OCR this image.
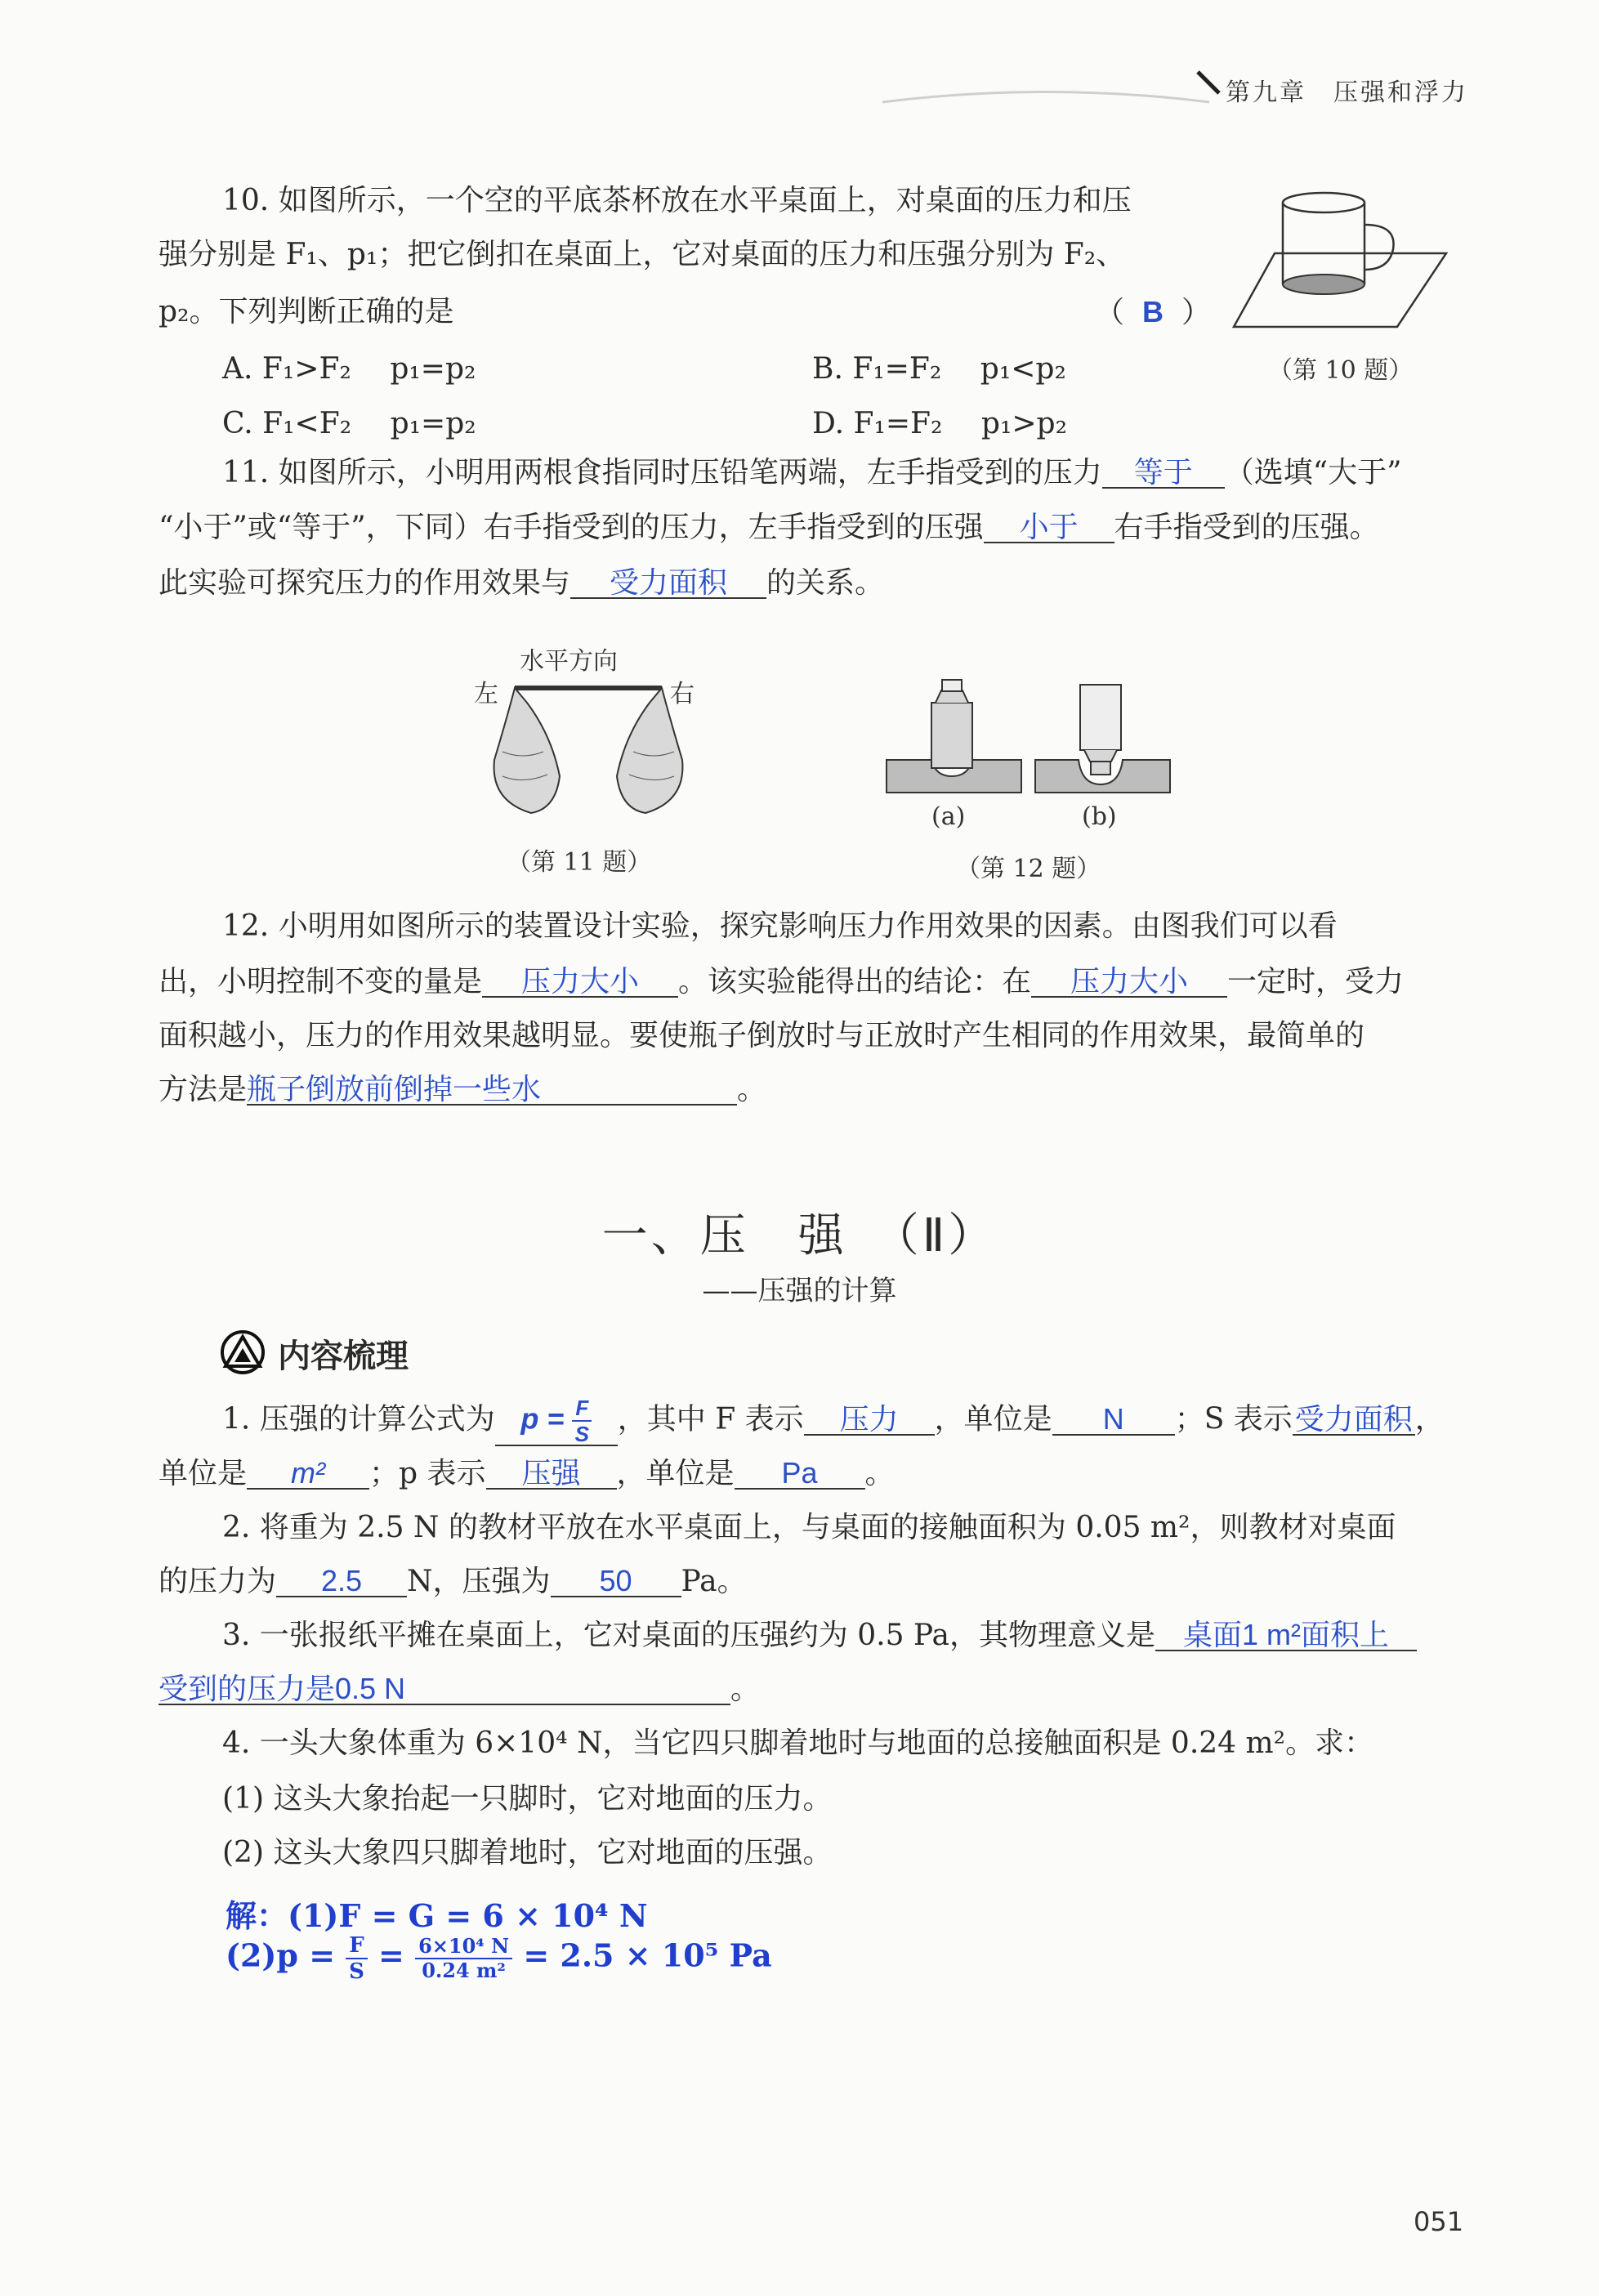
第九章　压强和浮力
10. 如图所示，一个空的平底茶杯放在水平桌面上，对桌面的压力和压
强分别是 F₁、p₁；把它倒扣在桌面上，它对桌面的压力和压强分别为 F₂、
p₂。下列判断正确的是	（ B ）
A. F₁>F₂　 p₁=p₂	B. F₁=F₂　 p₁<p₂
C. F₁<F₂　 p₁=p₂	D. F₁=F₂　 p₁>p₂
（第 10 题）
11. 如图所示，小明用两根食指同时压铅笔两端，左手指受到的压力 等于 （选填“大于”
“小于”或“等于”，下同）右手指受到的压力，左手指受到的压强 小于 右手指受到的压强。
此实验可探究压力的作用效果与 受力面积 的关系。
水平方向
左	右
（第 11 题）
(a)	(b)
（第 12 题）
12. 小明用如图所示的装置设计实验，探究影响压力作用效果的因素。由图我们可以看
出，小明控制不变的量是 压力大小 。该实验能得出的结论：在 压力大小 一定时，受力
面积越小，压力的作用效果越明显。要使瓶子倒放时与正放时产生相同的作用效果，最简单的
方法是瓶子倒放前倒掉一些水	。
一、压　强　（Ⅱ）
——压强的计算
内容梳理
1. 压强的计算公式为 $p = \frac{F}{S}$ ，其中 F 表示 压力 ，单位是 N ；S 表示受力面积，
单位是 m² ；p 表示 压强 ，单位是 Pa 。
2. 将重为 2.5 N 的教材平放在水平桌面上，与桌面的接触面积为 0.05 m²，则教材对桌面
的压力为 2.5 N，压强为 50 Pa。
3. 一张报纸平摊在桌面上，它对桌面的压强约为 0.5 Pa，其物理意义是 桌面1 m²面积上
受到的压力是0.5 N	。
4. 一头大象体重为 6×10⁴ N，当它四只脚着地时与地面的总接触面积是 0.24 m²。求：
(1) 这头大象抬起一只脚时，它对地面的压力。
(2) 这头大象四只脚着地时，它对地面的压强。
解：(1)F = G = 6 × 10⁴ N
$(2)p = \frac{F}{S} = \frac{\text{6×10⁴ N}}{\text{0.24 m²}} = 2.5 \times 10^5$ Pa
051
